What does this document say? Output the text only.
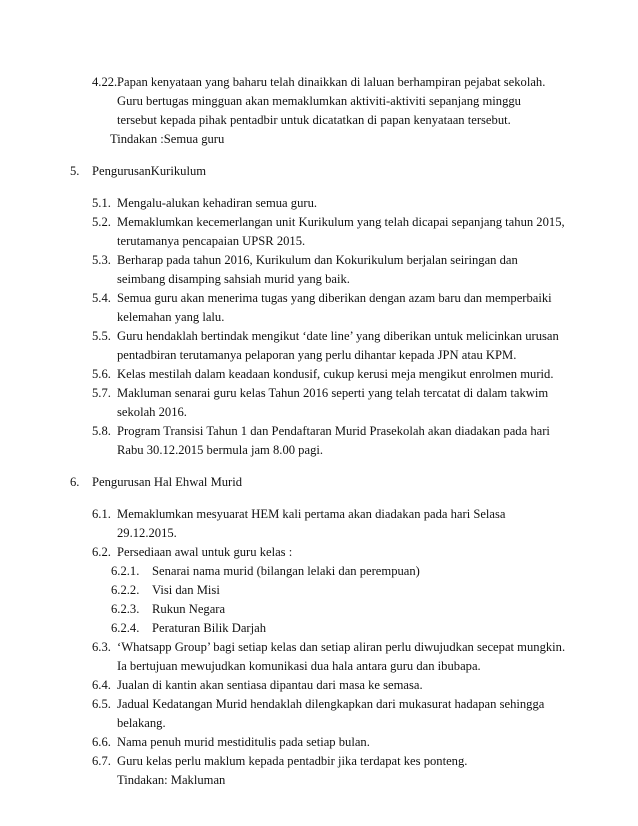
4.22. Papan kenyataan yang baharu telah dinaikkan di laluan berhampiran pejabat sekolah.
Guru bertugas mingguan akan memaklumkan aktiviti-aktiviti sepanjang minggu
tersebut kepada pihak pentadbir untuk dicatatkan di papan kenyataan tersebut.
Tindakan :Semua guru
5. PengurusanKurikulum
5.1. Mengalu-alukan kehadiran semua guru.
5.2. Memaklumkan kecemerlangan unit Kurikulum yang telah dicapai sepanjang tahun 2015,
terutamanya pencapaian UPSR 2015.
5.3. Berharap pada tahun 2016, Kurikulum dan Kokurikulum berjalan seiringan dan
seimbang disamping sahsiah murid yang baik.
5.4. Semua guru akan menerima tugas yang diberikan dengan azam baru dan memperbaiki
kelemahan yang lalu.
5.5. Guru hendaklah bertindak mengikut ‘date line’ yang diberikan untuk melicinkan urusan
pentadbiran terutamanya pelaporan yang perlu dihantar kepada JPN atau KPM.
5.6. Kelas mestilah dalam keadaan kondusif, cukup kerusi meja mengikut enrolmen murid.
5.7. Makluman senarai guru kelas Tahun 2016 seperti yang telah tercatat di dalam takwim
sekolah 2016.
5.8. Program Transisi Tahun 1 dan Pendaftaran Murid Prasekolah akan diadakan pada hari
Rabu 30.12.2015 bermula jam 8.00 pagi.
6. Pengurusan Hal Ehwal Murid
6.1. Memaklumkan mesyuarat HEM kali pertama akan diadakan pada hari Selasa
29.12.2015.
6.2. Persediaan awal untuk guru kelas :
6.2.1. Senarai nama murid (bilangan lelaki dan perempuan)
6.2.2. Visi dan Misi
6.2.3. Rukun Negara
6.2.4. Peraturan Bilik Darjah
6.3. ‘Whatsapp Group’ bagi setiap kelas dan setiap aliran perlu diwujudkan secepat mungkin.
Ia bertujuan mewujudkan komunikasi dua hala antara guru dan ibubapa.
6.4. Jualan di kantin akan sentiasa dipantau dari masa ke semasa.
6.5. Jadual Kedatangan Murid hendaklah dilengkapkan dari mukasurat hadapan sehingga
belakang.
6.6. Nama penuh murid mestiditulis pada setiap bulan.
6.7. Guru kelas perlu maklum kepada pentadbir jika terdapat kes ponteng.
Tindakan: Makluman
